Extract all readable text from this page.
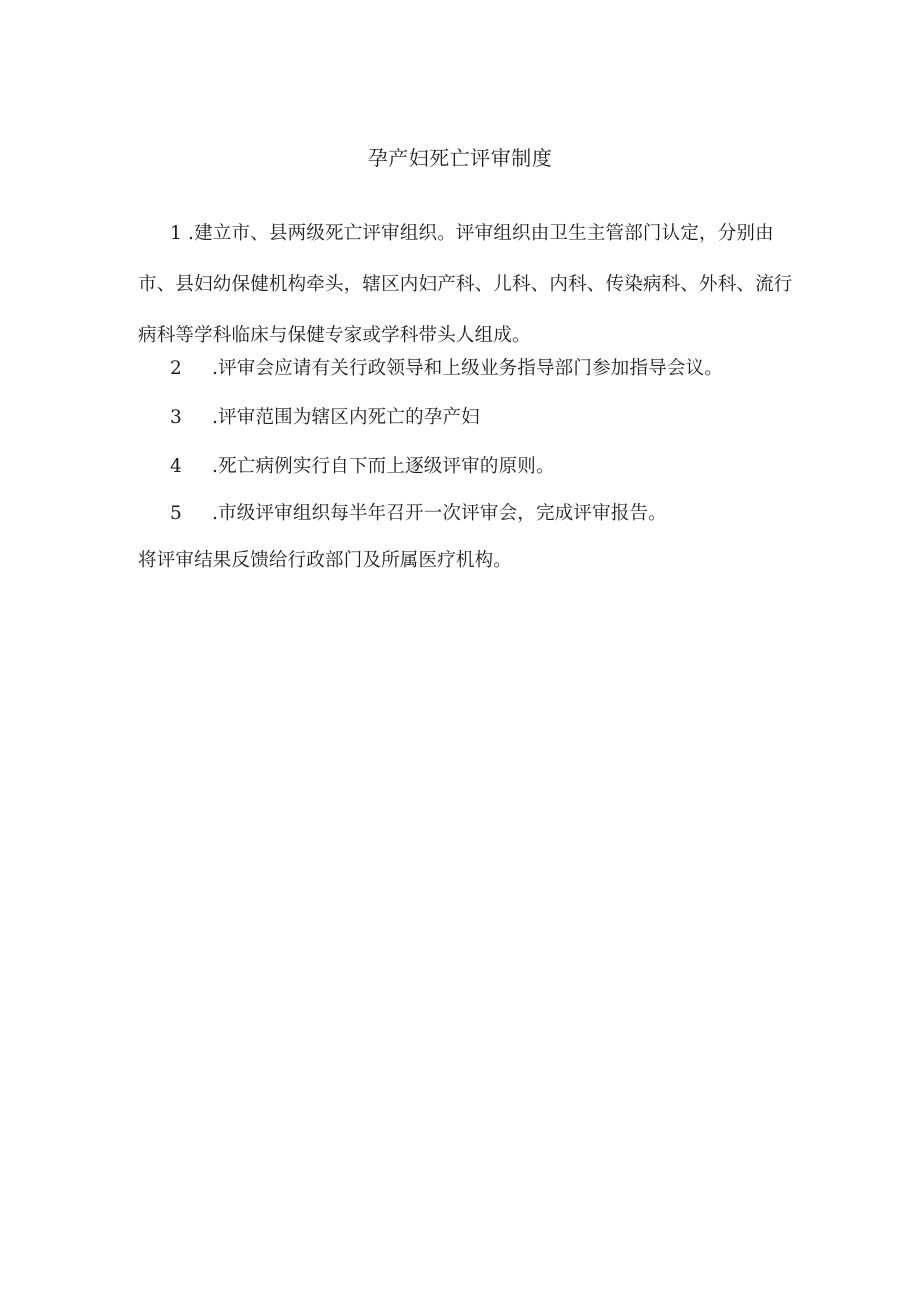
孕产妇死亡评审制度
1 .建立市、县两级死亡评审组织。评审组织由卫生主管部门认定，分别由市、县妇幼保健机构牵头，辖区内妇产科、儿科、内科、传染病科、外科、流行病科等学科临床与保健专家或学科带头人组成。
2 .评审会应请有关行政领导和上级业务指导部门参加指导会议。
3 .评审范围为辖区内死亡的孕产妇
4 .死亡病例实行自下而上逐级评审的原则。
5 .市级评审组织每半年召开一次评审会，完成评审报告。
将评审结果反馈给行政部门及所属医疗机构。
